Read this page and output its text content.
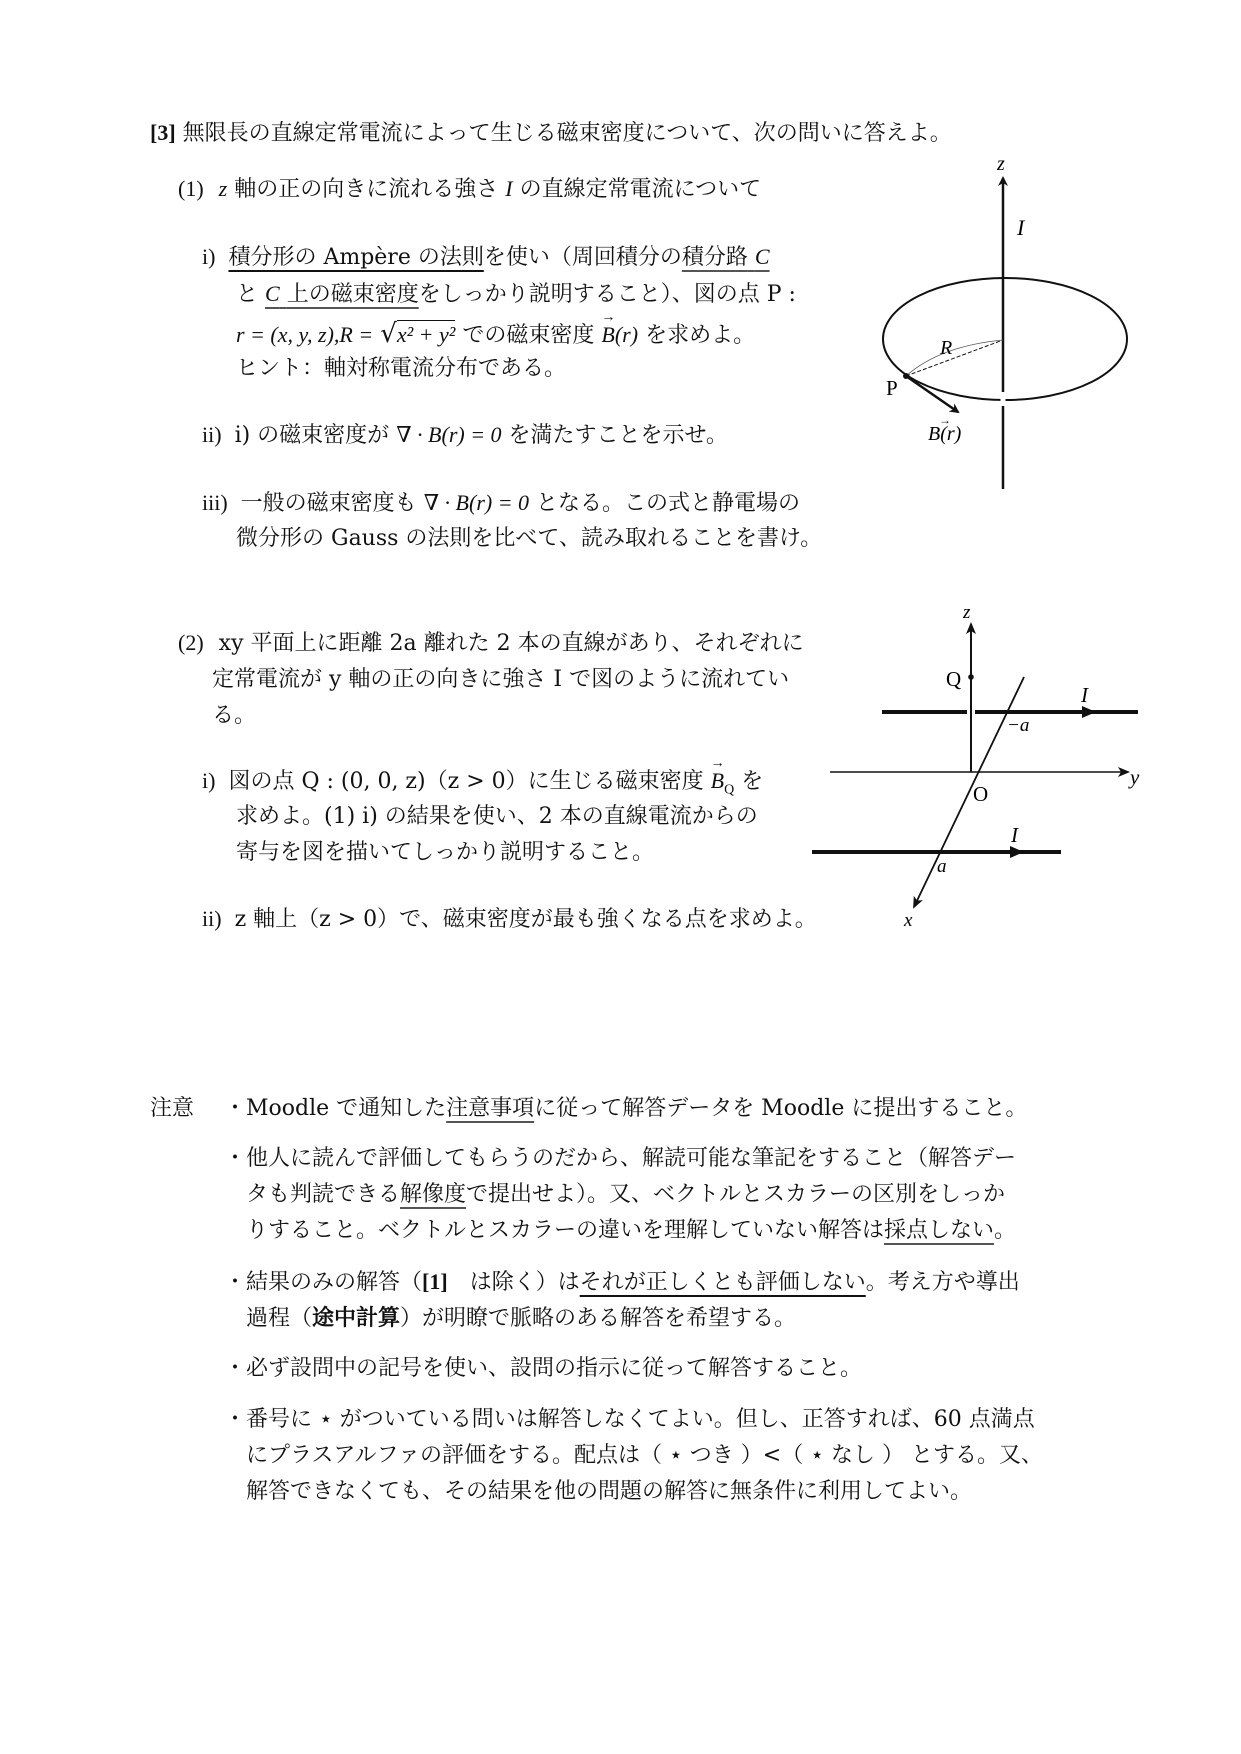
[3] 無限長の直線定常電流によって生じる磁束密度について、次の問いに答えよ。
(1) z 軸の正の向きに流れる強さ I の直線定常電流について
i) 積分形の Ampère の法則を使い（周回積分の積分路 C
と C 上の磁束密度をしっかり説明すること）、図の点 P :
r = (x, y, z),R = √x² + y² での磁束密度 → B(r) を求めよ。
ヒント：軸対称電流分布である。
ii) i) の磁束密度が ∇ · B(r) = 0 を満たすことを示せ。
iii) 一般の磁束密度も ∇ · B(r) = 0 となる。この式と静電場の
微分形の Gauss の法則を比べて、読み取れることを書け。
z
I
R
P
B(r)
→
(2) xy 平面上に距離 2a 離れた 2 本の直線があり、それぞれに
定常電流が y 軸の正の向きに強さ I で図のように流れてい
る。
i) 図の点 Q : (0, 0, z)（z > 0）に生じる磁束密度 → $B_Q$ を
求めよ。(1) i) の結果を使い、2 本の直線電流からの
寄与を図を描いてしっかり説明すること。
ii) z 軸上（z > 0）で、磁束密度が最も強くなる点を求めよ。
z
y
x
O
Q
I
I
−a
a
注意 ・Moodle で通知した注意事項に従って解答データを Moodle に提出すること。
・他人に読んで評価してもらうのだから、解読可能な筆記をすること（解答デー
タも判読できる解像度で提出せよ）。又、ベクトルとスカラーの区別をしっか
りすること。ベクトルとスカラーの違いを理解していない解答は採点しない。
・結果のみの解答（[1]　は除く）はそれが正しくとも評価しない。考え方や導出
過程（途中計算）が明瞭で脈略のある解答を希望する。
・必ず設問中の記号を使い、設問の指示に従って解答すること。
・番号に ⋆ がついている問いは解答しなくてよい。但し、正答すれば、60 点満点
にプラスアルファの評価をする。配点は（ ⋆ つき ）<（ ⋆ なし ） とする。又、
解答できなくても、その結果を他の問題の解答に無条件に利用してよい。
